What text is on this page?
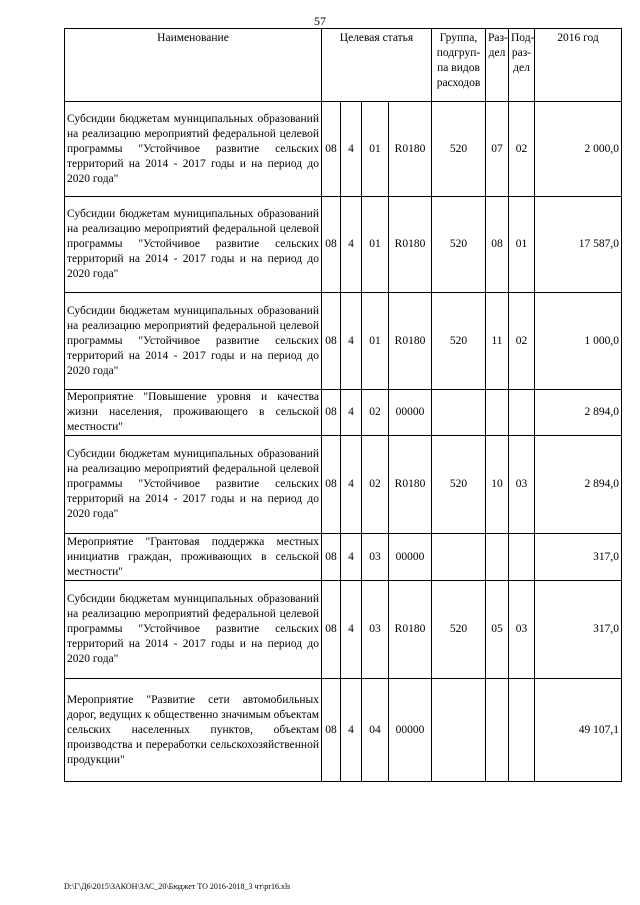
57
Наименование	Целевая статья				Группа, подгруп-па видов расходов	Раз-дел	Под-раз-дел	2016 год
Субсидии бюджетам муниципальных образований на реализацию мероприятий федеральной целевой программы "Устойчивое развитие сельских территорий на 2014 - 2017 годы и на период до 2020 года"	08	4	01	R0180	520	07	02	2 000,0
Субсидии бюджетам муниципальных образований на реализацию мероприятий федеральной целевой программы "Устойчивое развитие сельских территорий на 2014 - 2017 годы и на период до 2020 года"	08	4	01	R0180	520	08	01	17 587,0
Субсидии бюджетам муниципальных образований на реализацию мероприятий федеральной целевой программы "Устойчивое развитие сельских территорий на 2014 - 2017 годы и на период до 2020 года"	08	4	01	R0180	520	11	02	1 000,0
Мероприятие "Повышение уровня и качества жизни населения, проживающего в сельской местности"	08	4	02	00000				2 894,0
Субсидии бюджетам муниципальных образований на реализацию мероприятий федеральной целевой программы "Устойчивое развитие сельских территорий на 2014 - 2017 годы и на период до 2020 года"	08	4	02	R0180	520	10	03	2 894,0
Мероприятие "Грантовая поддержка местных инициатив граждан, проживающих в сельской местности"	08	4	03	00000				317,0
Субсидии бюджетам муниципальных образований на реализацию мероприятий федеральной целевой программы "Устойчивое развитие сельских территорий на 2014 - 2017 годы и на период до 2020 года"	08	4	03	R0180	520	05	03	317,0
Мероприятие "Развитие сети автомобильных дорог, ведущих к общественно значимым объектам сельских населенных пунктов, объектам производства и переработки сельскохозяйственной продукции"	08	4	04	00000				49 107,1
D:\Г\Д6\2015\ЗАКОН\ЗАС_20\Бюджет ТО 2016-2018_3 чт\pr16.xls
